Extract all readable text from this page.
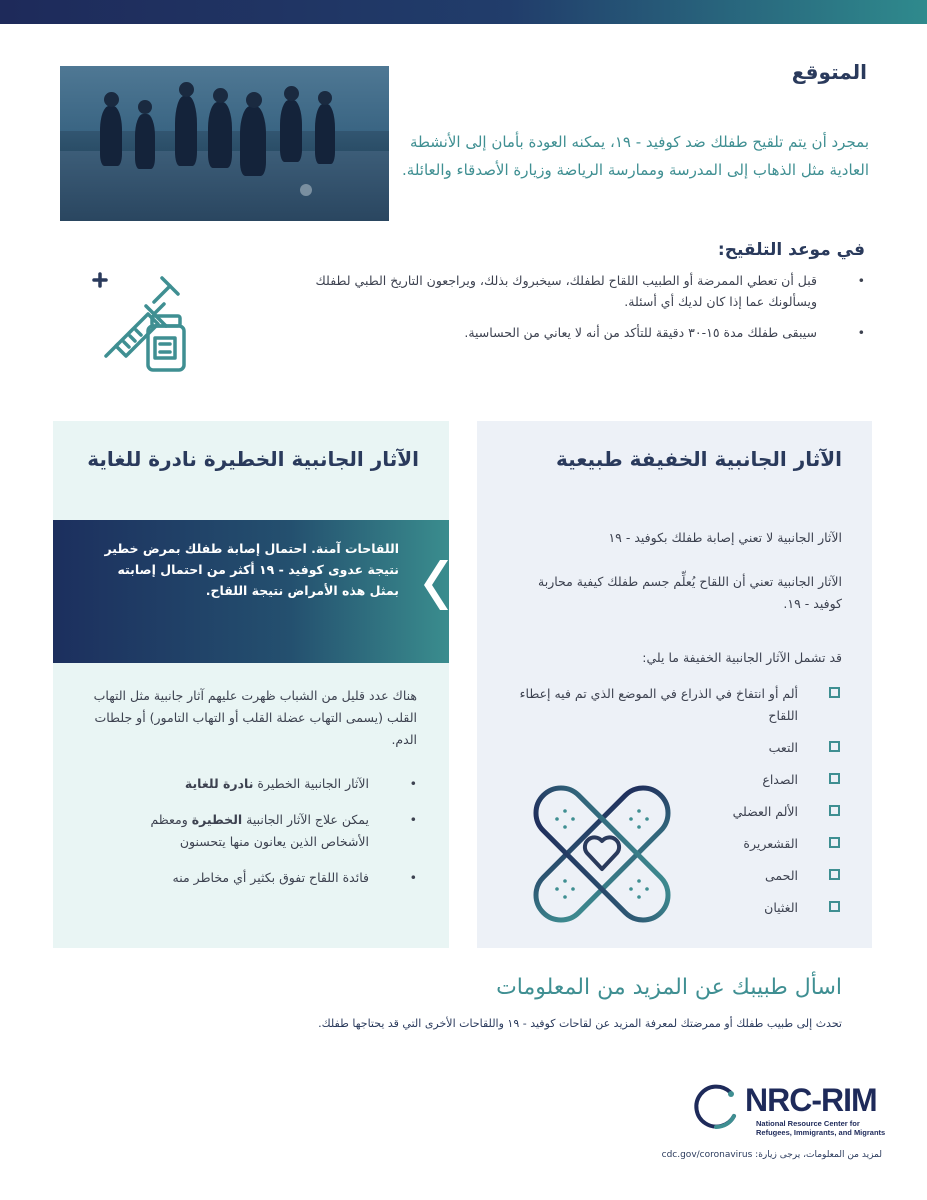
المتوقع
بمجرد أن يتم تلقيح طفلك ضد كوفيد - ١٩، يمكنه العودة بأمان إلى الأنشطة العادية مثل الذهاب إلى المدرسة وممارسة الرياضة وزيارة الأصدقاء والعائلة.
في موعد التلقيح:
• قبل أن تعطي الممرضة أو الطبيب اللقاح لطفلك، سيخبروك بذلك، ويراجعون التاريخ الطبي لطفلك ويسألونك عما إذا كان لديك أي أسئلة.
• سيبقى طفلك مدة ١٥-٣٠ دقيقة للتأكد من أنه لا يعاني من الحساسية.
الآثار الجانبية الخفيفة طبيعية
الآثار الجانبية لا تعني إصابة طفلك بكوفيد - ١٩
الآثار الجانبية تعني أن اللقاح يُعلِّم جسم طفلك كيفية محاربة كوفيد - ١٩.
قد تشمل الآثار الجانبية الخفيفة ما يلي:
ألم أو انتفاخ في الذراع في الموضع الذي تم فيه إعطاء اللقاح
التعب
الصداع
الألم العضلي
القشعريرة
الحمى
الغثيان
الآثار الجانبية الخطيرة نادرة للغاية
هناك عدد قليل من الشباب ظهرت عليهم آثار جانبية مثل التهاب القلب (يسمى التهاب عضلة القلب أو التهاب التامور) أو جلطات الدم.
• الآثار الجانبية الخطيرة نادرة للغاية
• يمكن علاج الآثار الجانبية الخطيرة ومعظم الأشخاص الذين يعانون منها يتحسنون
• فائدة اللقاح تفوق بكثير أي مخاطر منه
اللقاحات آمنة. احتمال إصابة طفلك بمرض خطير نتيجة عدوى كوفيد - ١٩ أكثر من احتمال إصابته بمثل هذه الأمراض نتيجة اللقاح.
اسأل طبيبك عن المزيد من المعلومات
تحدث إلى طبيب طفلك أو ممرضتك لمعرفة المزيد عن لقاحات كوفيد - ١٩ واللقاحات الأخرى التي قد يحتاجها طفلك.
NRC-RIM
National Resource Center for
Refugees, Immigrants, and Migrants
لمزيد من المعلومات، يرجى زيارة: cdc.gov/coronavirus
